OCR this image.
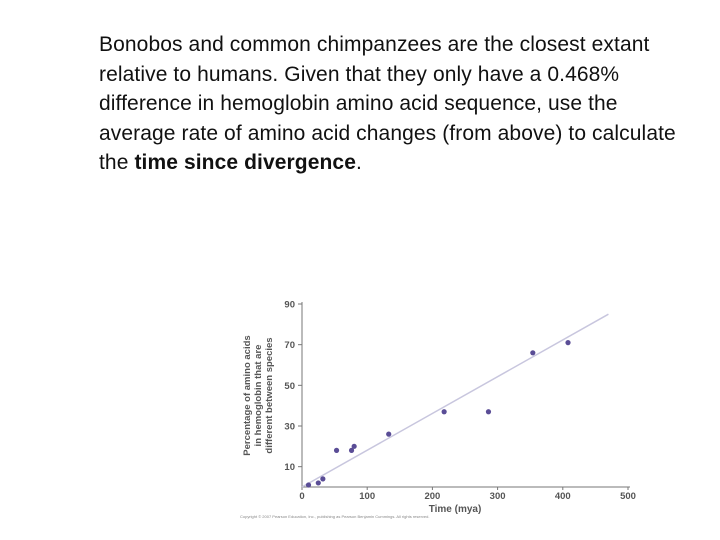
Bonobos and common chimpanzees are the closest extant relative to humans. Given that they only have a 0.468% difference in hemoglobin amino acid sequence, use the average rate of amino acid changes (from above) to calculate the time since divergence.
Percentage of amino acids in hemoglobin that are different between species
10
30
50
70
90
0	100	200	300	400	500
Time (mya)
Copyright © 2007 Pearson Education, Inc., publishing as Pearson Benjamin Cummings. All rights reserved.
